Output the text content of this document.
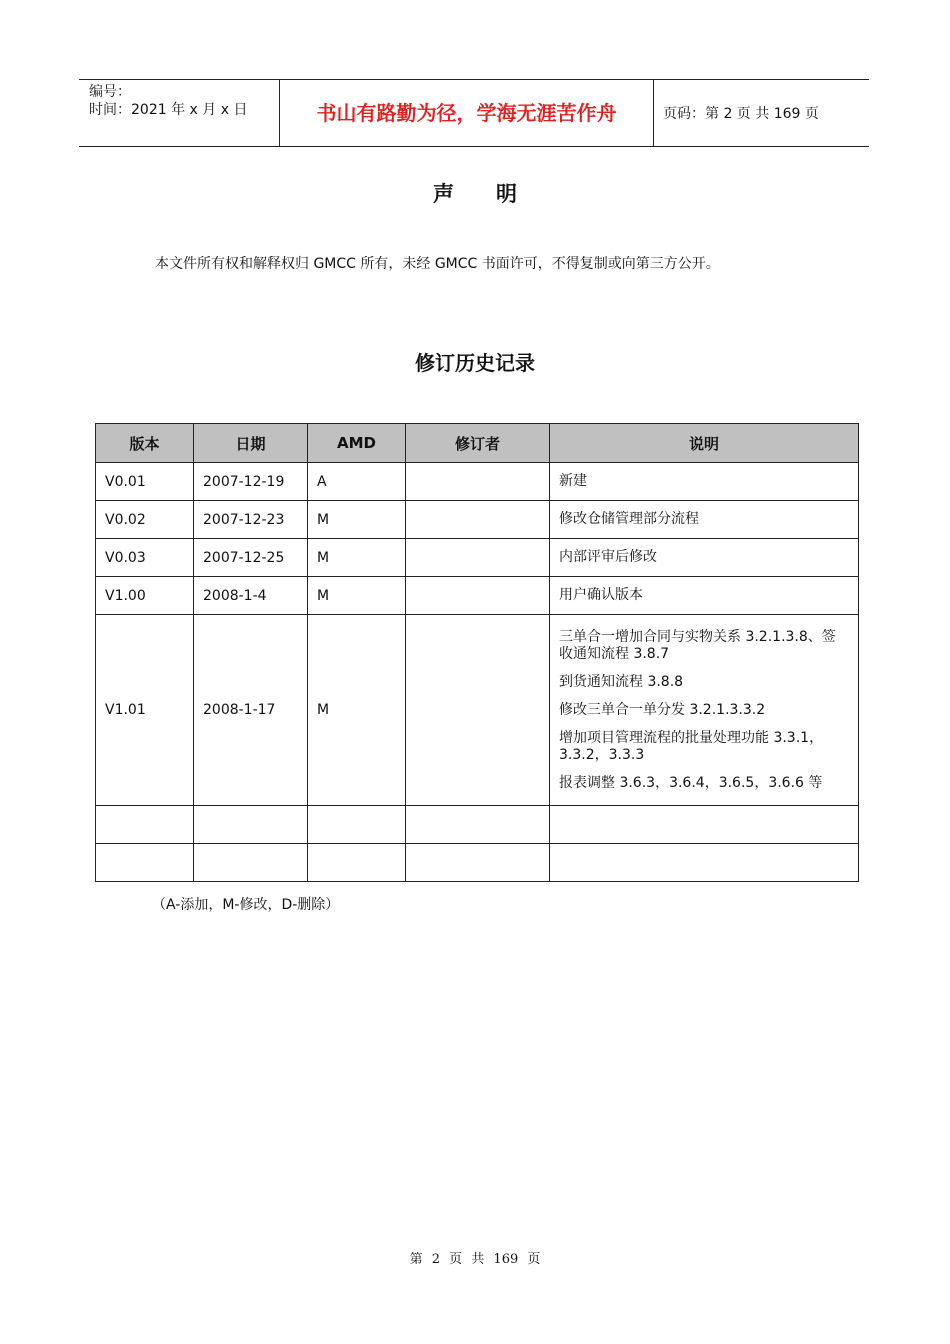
编号：
时间：2021 年 x 月 x 日	书山有路勤为径，学海无涯苦作舟	页码：第 2 页 共 169 页
声明
本文件所有权和解释权归 GMCC 所有，未经 GMCC 书面许可，不得复制或向第三方公开。
修订历史记录
版本	日期	AMD	修订者	说明
V0.01	2007-12-19	A		新建

V0.02	2007-12-23	M		修改仓储管理部分流程

V0.03	2007-12-25	M		内部评审后修改

V1.00	2008-1-4	M		用户确认版本

V1.01	2008-1-17	M		三单合一增加合同与实物关系 3.2.1.3.8、签收通知流程 3.8.7

到货通知流程 3.8.8

修改三单合一单分发 3.2.1.3.3.2

增加项目管理流程的批量处理功能 3.3.1，3.3.2，3.3.3

报表调整 3.6.3，3.6.4，3.6.5，3.6.6 等

（A-添加，M-修改，D-删除）
第 2 页 共 169 页
